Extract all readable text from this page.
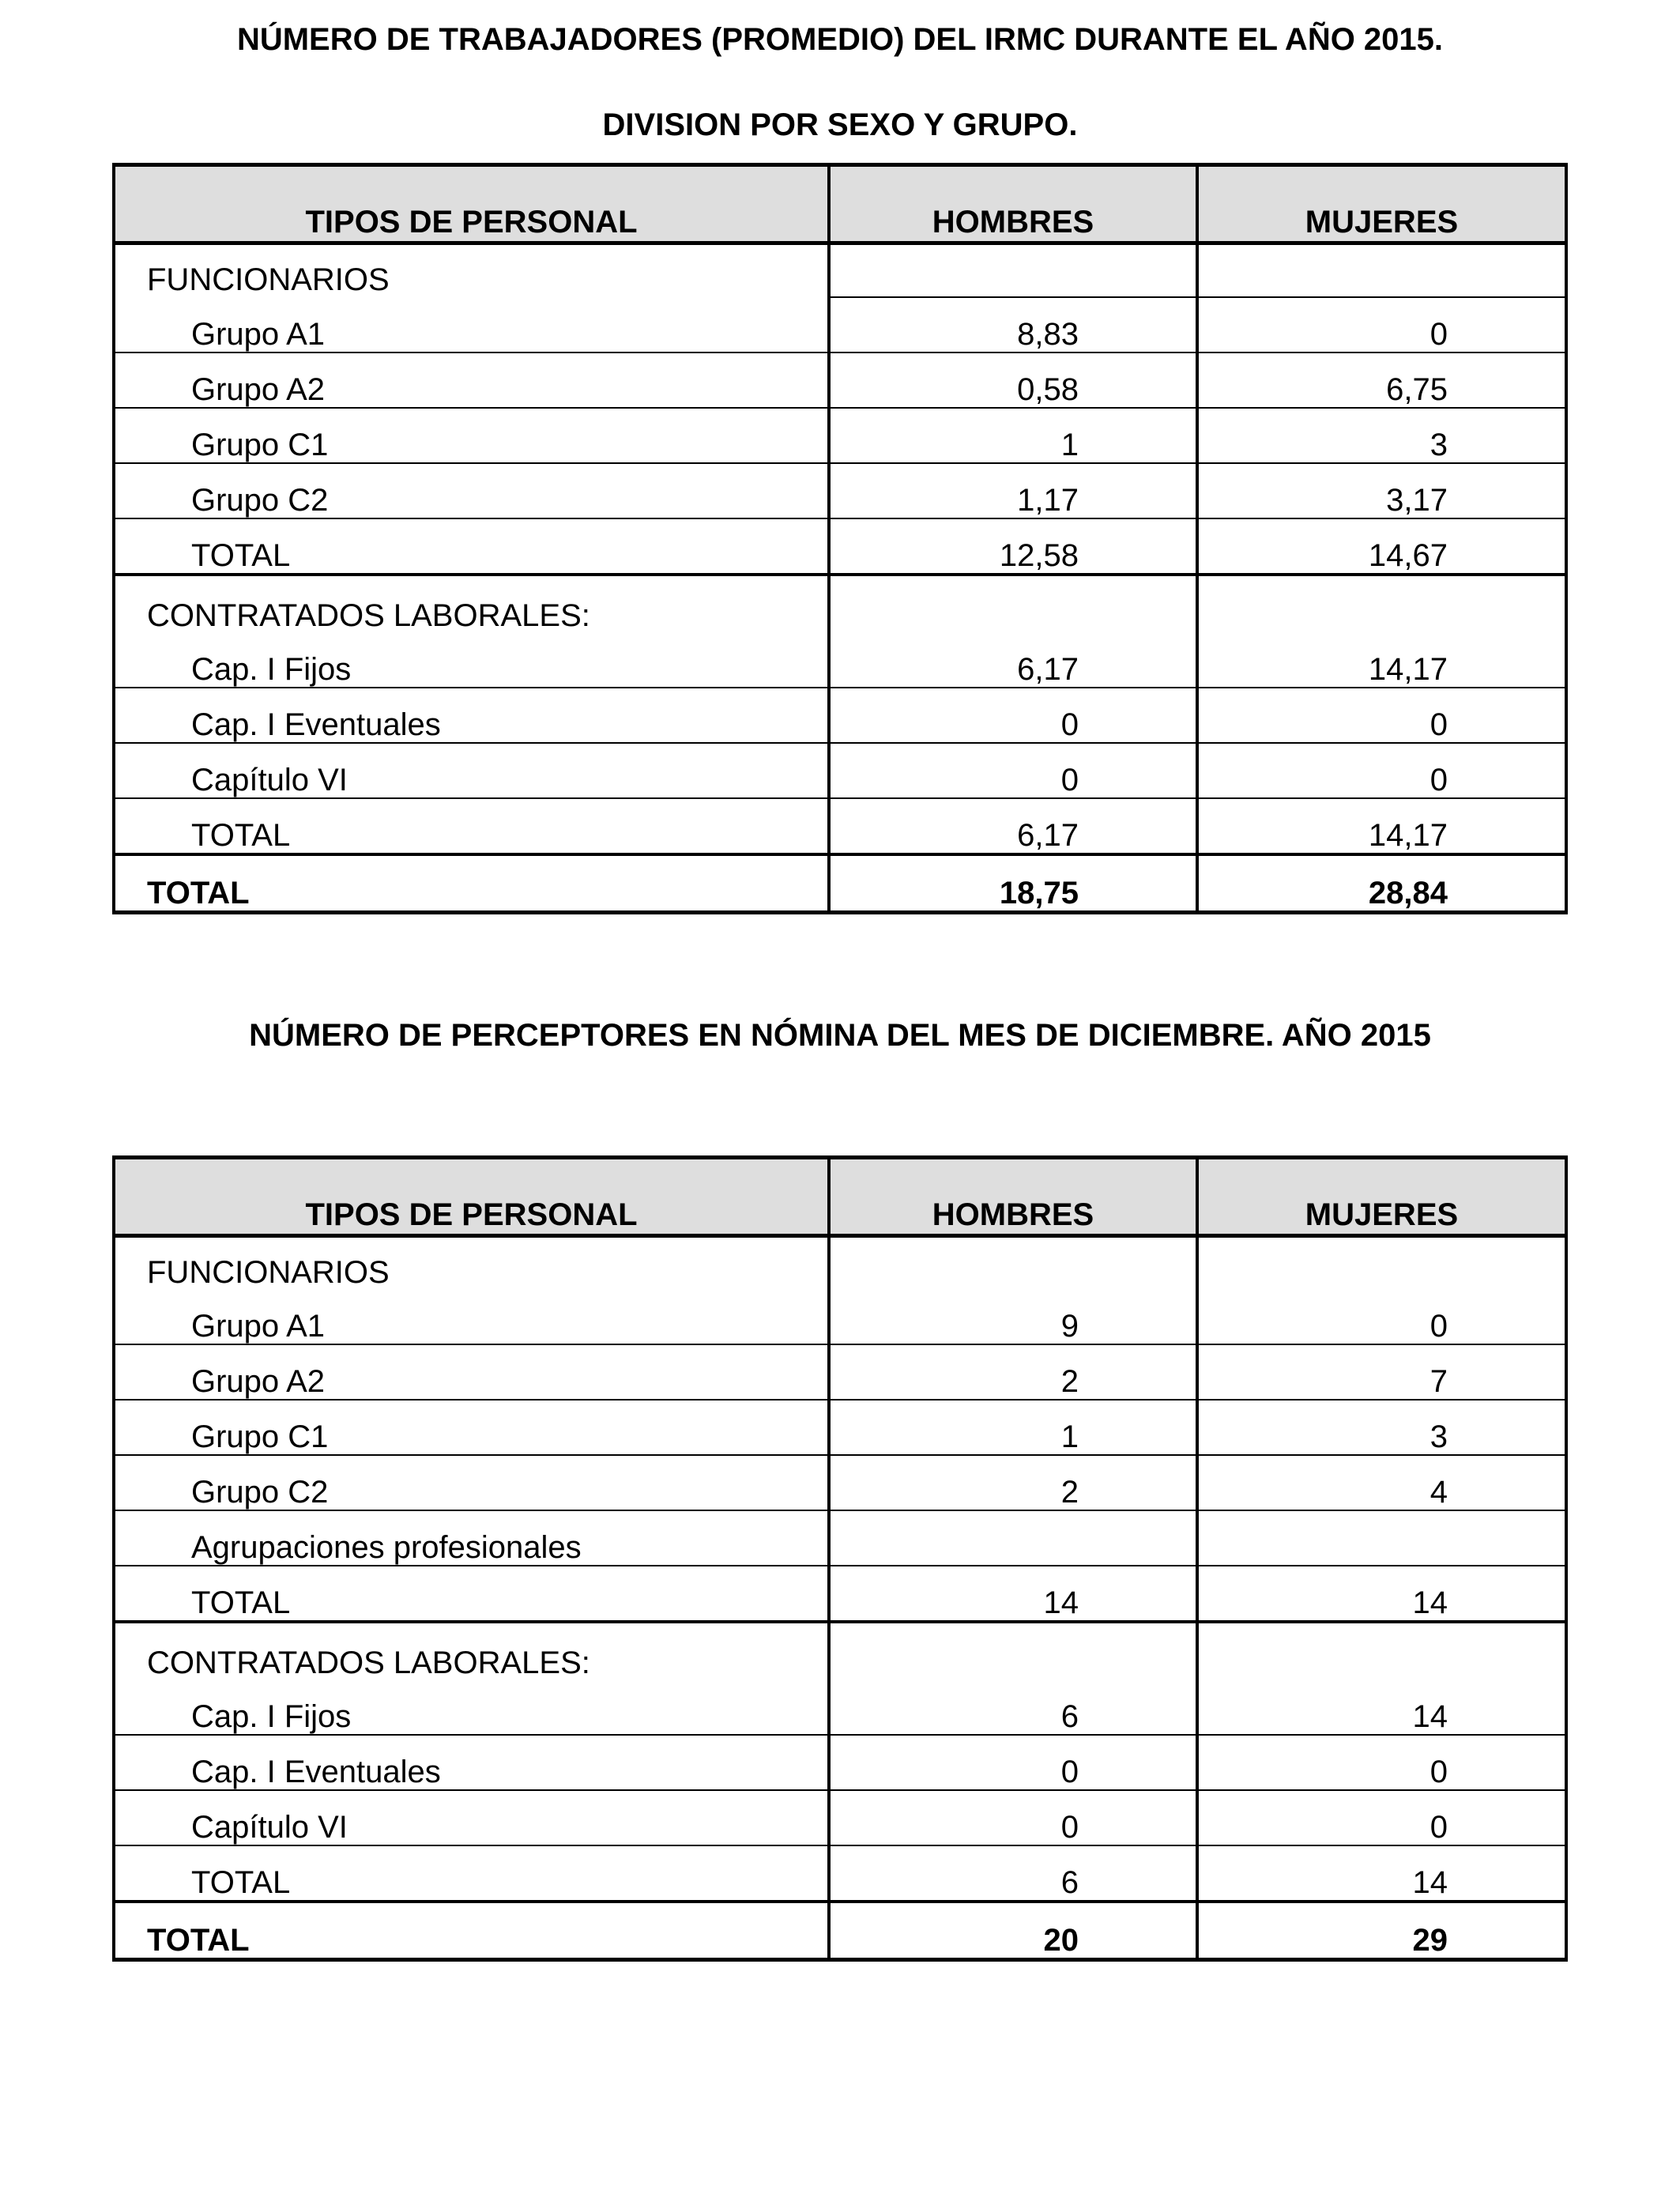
NÚMERO DE TRABAJADORES (PROMEDIO) DEL IRMC DURANTE EL AÑO 2015.
DIVISION POR SEXO Y GRUPO.
TIPOS DE PERSONAL	HOMBRES	MUJERES
FUNCIONARIOS		
Grupo A1	8,83	0
Grupo A2	0,58	6,75
Grupo C1	1	3
Grupo C2	1,17	3,17
TOTAL	12,58	14,67
CONTRATADOS LABORALES:		
Cap. I Fijos	6,17	14,17
Cap. I Eventuales	0	0
Capítulo VI	0	0
TOTAL	6,17	14,17
TOTAL	18,75	28,84
NÚMERO DE PERCEPTORES EN NÓMINA DEL MES DE DICIEMBRE. AÑO 2015
TIPOS DE PERSONAL	HOMBRES	MUJERES
FUNCIONARIOS		
Grupo A1	9	0
Grupo A2	2	7
Grupo C1	1	3
Grupo C2	2	4
Agrupaciones profesionales		
TOTAL	14	14
CONTRATADOS LABORALES:		
Cap. I Fijos	6	14
Cap. I Eventuales	0	0
Capítulo VI	0	0
TOTAL	6	14
TOTAL	20	29
